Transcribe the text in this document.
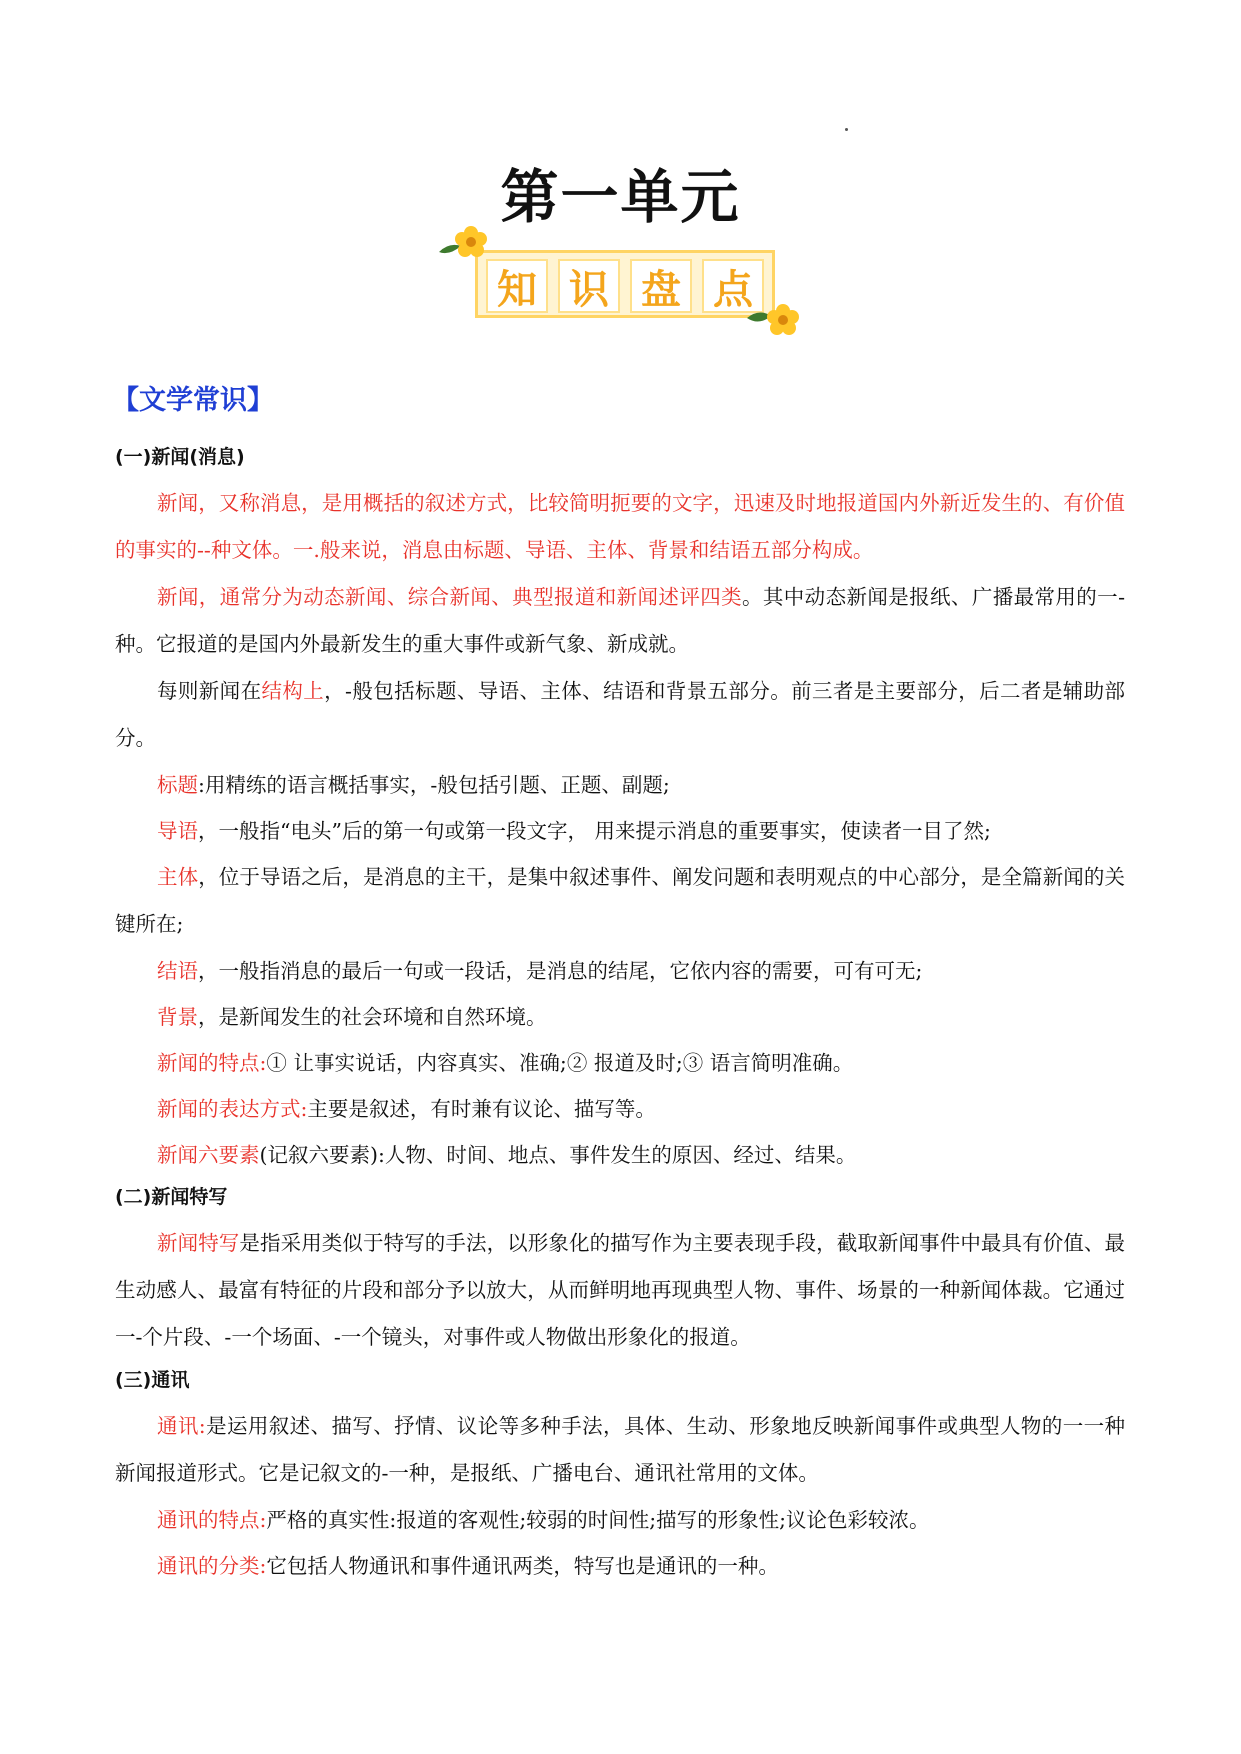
第一单元
知 识 盘 点
【文学常识】
(一)新闻(消息)

新闻，又称消息，是用概括的叙述方式，比较简明扼要的文字，迅速及时地报道国内外新近发生的、有价值的事实的--种文体。一.般来说，消息由标题、导语、主体、背景和结语五部分构成。

新闻，通常分为动态新闻、综合新闻、典型报道和新闻述评四类。其中动态新闻是报纸、广播最常用的一-种。它报道的是国内外最新发生的重大事件或新气象、新成就。

每则新闻在结构上，-般包括标题、导语、主体、结语和背景五部分。前三者是主要部分，后二者是辅助部分。

标题:用精练的语言概括事实，-般包括引题、正题、副题;

导语，一般指“电头”后的第一句或第一段文字， 用来提示消息的重要事实，使读者一目了然;

主体，位于导语之后，是消息的主干，是集中叙述事件、阐发问题和表明观点的中心部分，是全篇新闻的关键所在;

结语，一般指消息的最后一句或一段话，是消息的结尾，它依内容的需要，可有可无;

背景，是新闻发生的社会环境和自然环境。

新闻的特点:① 让事实说话，内容真实、准确;② 报道及时;③ 语言简明准确。

新闻的表达方式:主要是叙述，有时兼有议论、描写等。

新闻六要素(记叙六要素):人物、时间、地点、事件发生的原因、经过、结果。

(二)新闻特写

新闻特写是指采用类似于特写的手法，以形象化的描写作为主要表现手段，截取新闻事件中最具有价值、最生动感人、最富有特征的片段和部分予以放大，从而鲜明地再现典型人物、事件、场景的一种新闻体裁。它通过一-个片段、-一个场面、-一个镜头，对事件或人物做出形象化的报道。

(三)通讯

通讯:是运用叙述、描写、抒情、议论等多种手法，具体、生动、形象地反映新闻事件或典型人物的一一种新闻报道形式。它是记叙文的-一种，是报纸、广播电台、通讯社常用的文体。

通讯的特点:严格的真实性:报道的客观性;较弱的时间性;描写的形象性;议论色彩较浓。

通讯的分类:它包括人物通讯和事件通讯两类，特写也是通讯的一种。
